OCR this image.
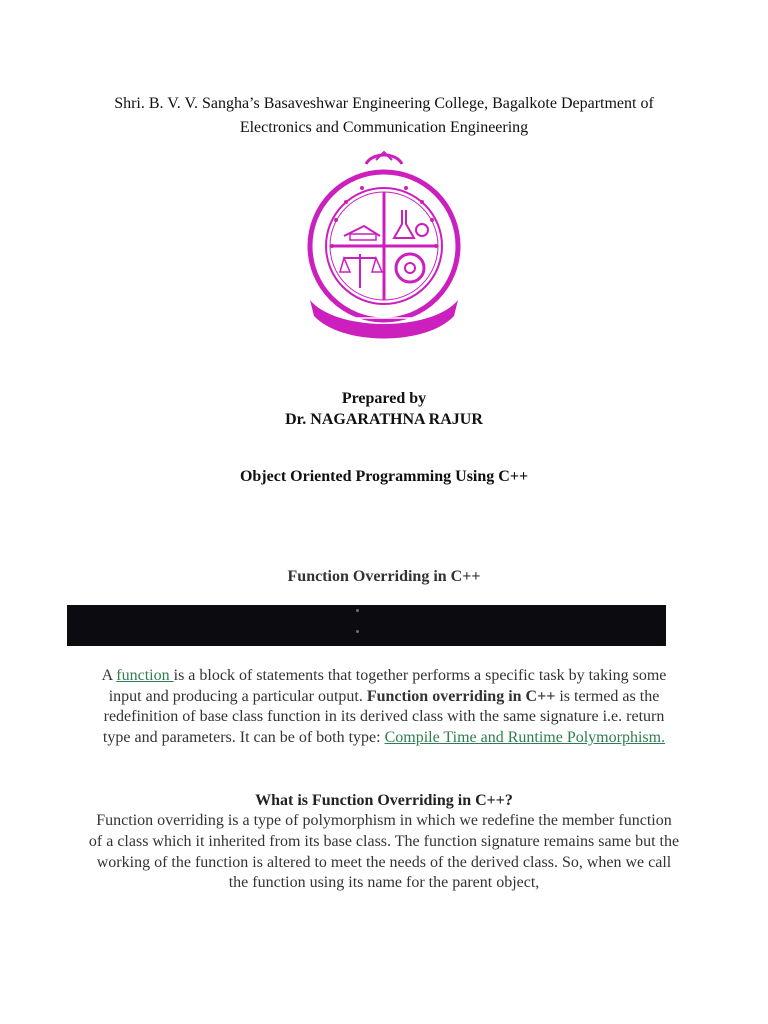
Shri. B. V. V. Sangha’s Basaveshwar Engineering College, Bagalkote Department of Electronics and Communication Engineering
Prepared by
Dr. NAGARATHNA RAJUR
Object Oriented Programming Using C++
Function Overriding in C++
A function is a block of statements that together performs a specific task by taking some input and producing a particular output. Function overriding in C++ is termed as the redefinition of base class function in its derived class with the same signature i.e. return type and parameters. It can be of both type: Compile Time and Runtime Polymorphism.
What is Function Overriding in C++?
Function overriding is a type of polymorphism in which we redefine the member function of a class which it inherited from its base class. The function signature remains same but the working of the function is altered to meet the needs of the derived class. So, when we call the function using its name for the parent object,
